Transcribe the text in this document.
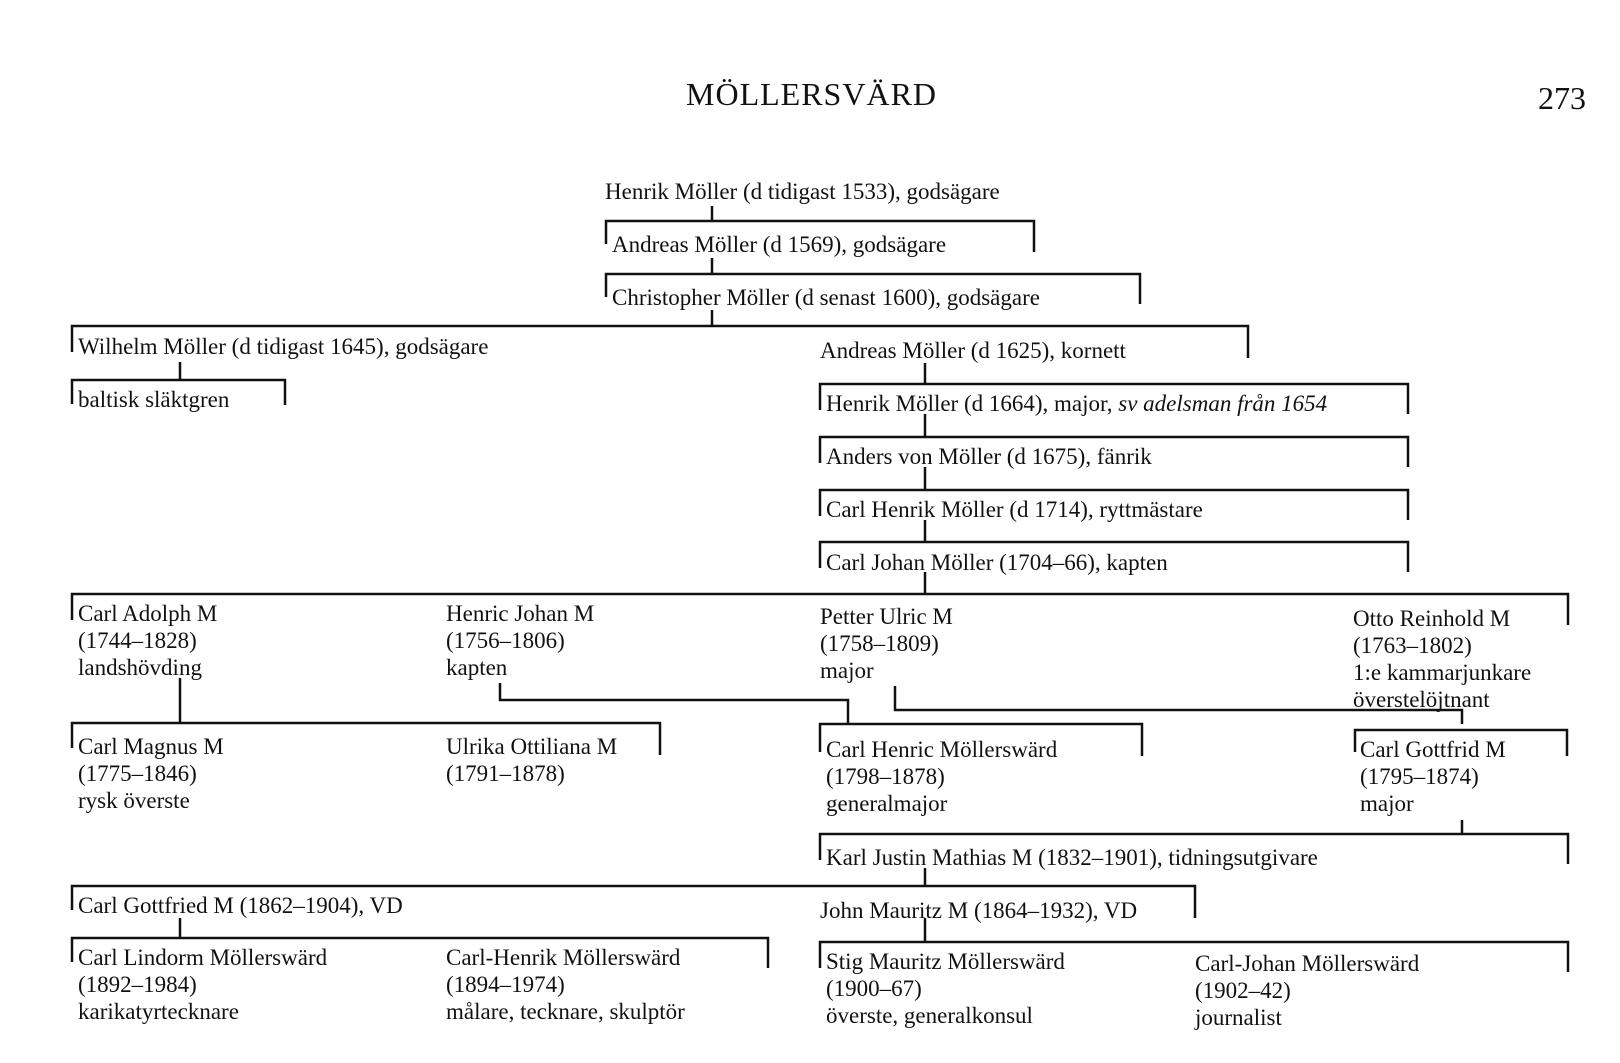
MÖLLERSVÄRD	273
Henrik Möller (d tidigast 1533), godsägare
Andreas Möller (d 1569), godsägare
Christopher Möller (d senast 1600), godsägare
Wilhelm Möller (d tidigast 1645), godsägare
baltisk släktgren
Andreas Möller (d 1625), kornett
Henrik Möller (d 1664), major, sv adelsman från 1654
Anders von Möller (d 1675), fänrik
Carl Henrik Möller (d 1714), ryttmästare
Carl Johan Möller (1704–66), kapten
Carl Adolph M
(1744–1828)
landshövding
Henric Johan M
(1756–1806)
kapten
Petter Ulric M
(1758–1809)
major
Otto Reinhold M
(1763–1802)
1:e kammarjunkare
överstelöjtnant
Carl Magnus M
(1775–1846)
rysk överste
Ulrika Ottiliana M
(1791–1878)
Carl Henric Möllerswärd
(1798–1878)
generalmajor
Carl Gottfrid M
(1795–1874)
major
Karl Justin Mathias M (1832–1901), tidningsutgivare
Carl Gottfried M (1862–1904), VD	John Mauritz M (1864–1932), VD
Carl Lindorm Möllerswärd
(1892–1984)
karikatyrtecknare
Carl-Henrik Möllerswärd
(1894–1974)
målare, tecknare, skulptör
Stig Mauritz Möllerswärd
(1900–67)
överste, generalkonsul
Carl-Johan Möllerswärd
(1902–42)
journalist
